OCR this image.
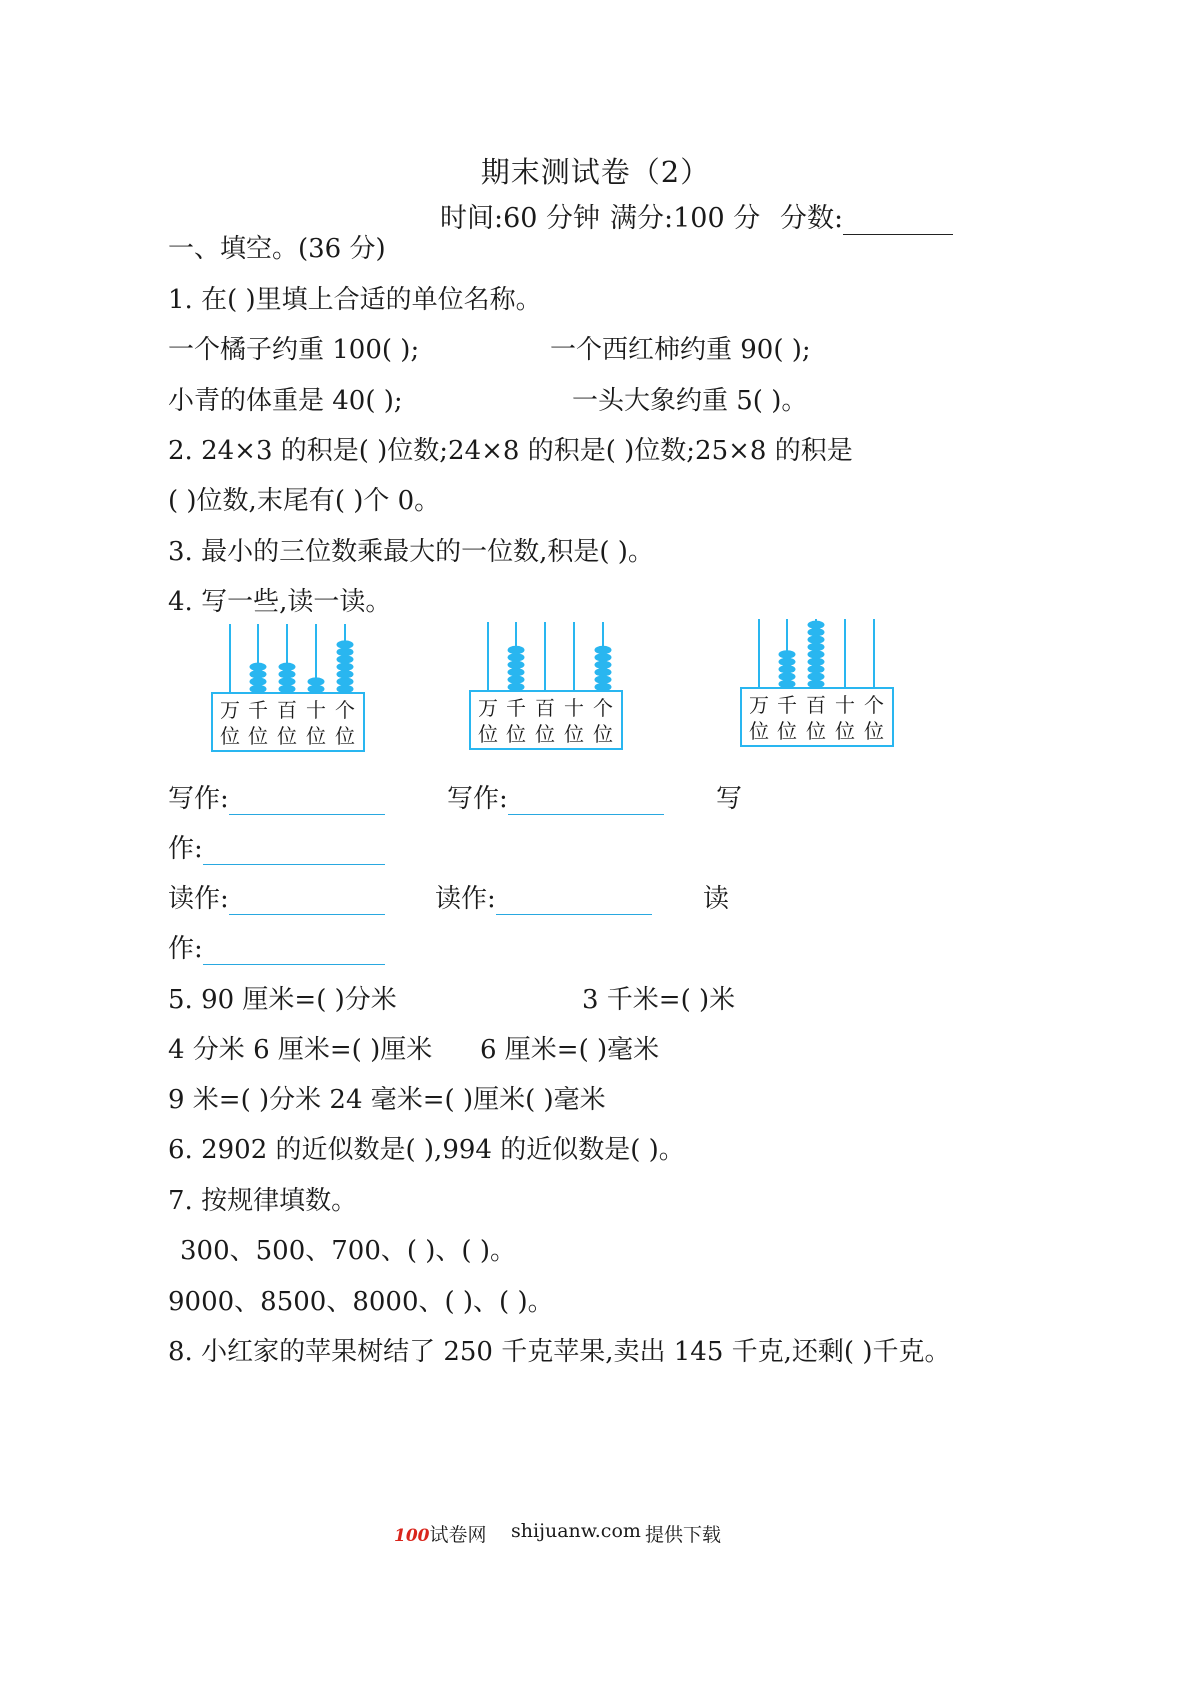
期末测试卷（2）
时间:60 分钟 满分:100 分 分数:
一、填空。(36 分)
1. 在( )里填上合适的单位名称。
一个橘子约重 100( );	一个西红柿约重 90( );
小青的体重是 40( );	一头大象约重 5( )。
2. 24×3 的积是( )位数;24×8 的积是( )位数;25×8 的积是
( )位数,末尾有( )个 0。
3. 最小的三位数乘最大的一位数,积是( )。
4. 写一些,读一读。
万
位
千
位
百
位
十
位
个
位
万
位
千
位
百
位
十
位
个
位
万
位
千
位
百
位
十
位
个
位
写作:	写作:	写
作:
读作:	读作:	读
作:
5. 90 厘米=( )分米	3 千米=( )米
4 分米 6 厘米=( )厘米 6 厘米=( )毫米
9 米=( )分米 24 毫米=( )厘米( )毫米
6. 2902 的近似数是( ),994 的近似数是( )。
7. 按规律填数。
300、500、700、( )、( )。
9000、8500、8000、( )、( )。
8. 小红家的苹果树结了 250 千克苹果,卖出 145 千克,还剩( )千克。
100试卷网 shijuanw.com 提供下载
